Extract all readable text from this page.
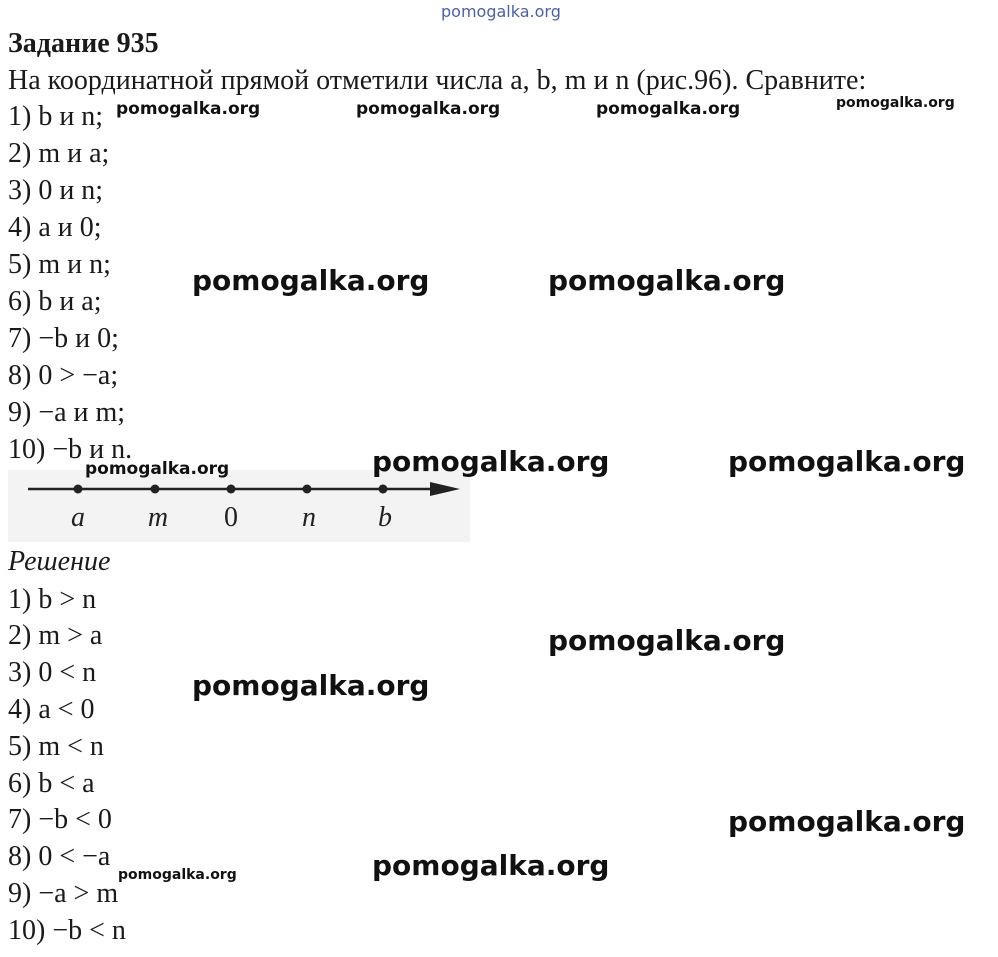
pomogalka.org
Задание 935
На координатной прямой отметили числа a, b, m и n (рис.96). Сравните:
1) b и n;
2) m и a;
3) 0 и n;
4) a и 0;
5) m и n;
6) b и a;
7) −b и 0;
8) 0 > −a;
9) −a и m;
10) −b и n.
a m 0 n b
Решение
1) b > n
2) m > a
3) 0 < n
4) a < 0
5) m < n
6) b < a
7) −b < 0
8) 0 < −a
9) −a > m
10) −b < n
pomogalka.org	pomogalka.org	pomogalka.org	pomogalka.org
pomogalka.org	pomogalka.org
pomogalka.org	pomogalka.org	pomogalka.org
pomogalka.org
pomogalka.org
pomogalka.org
pomogalka.org
pomogalka.org
